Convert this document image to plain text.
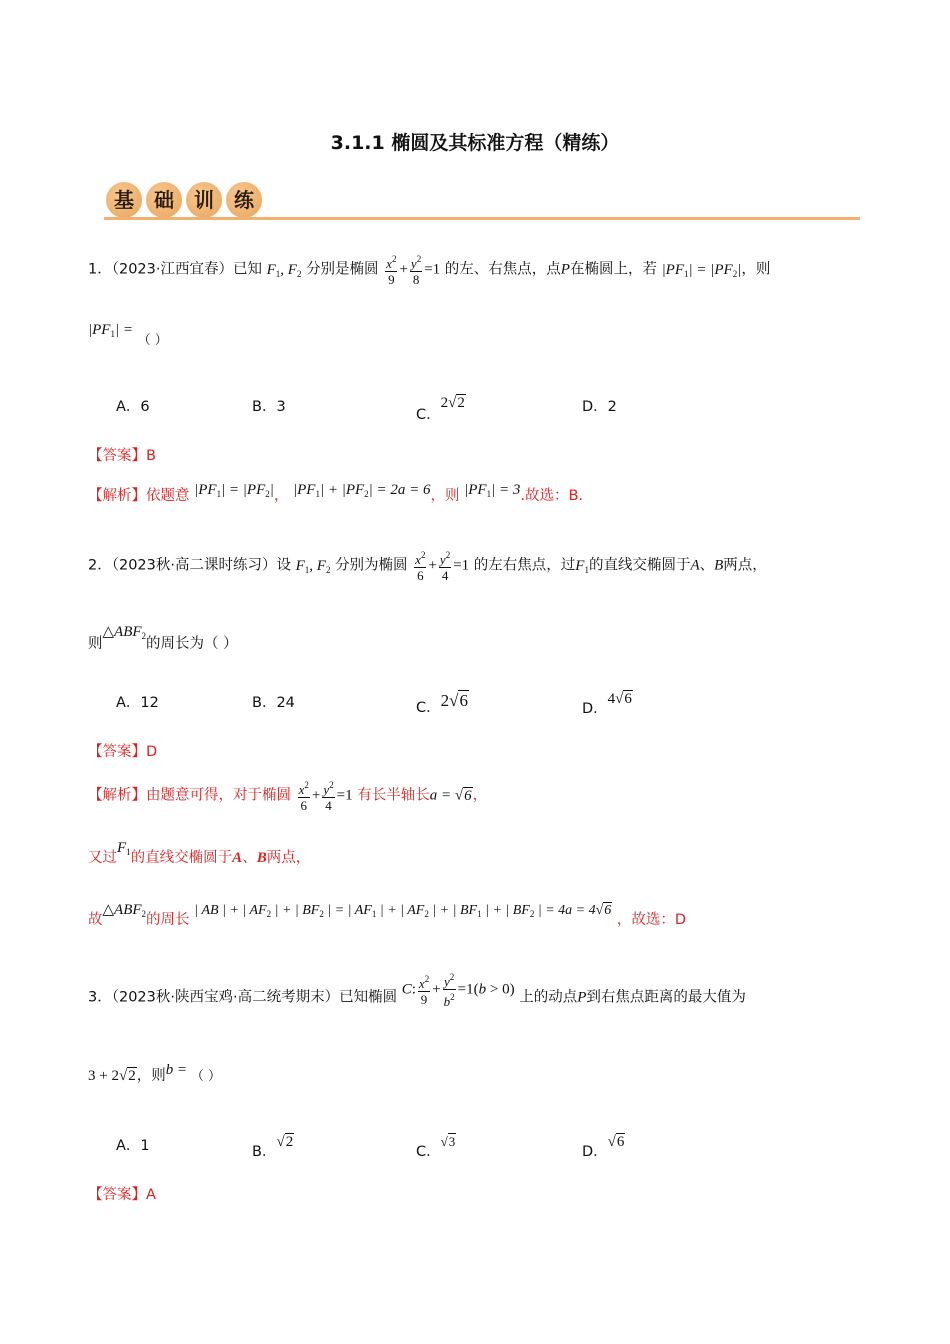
3.1.1 椭圆及其标准方程（精练）
基	础	训	练
1．（2023·江西宜春）已知 $F_1$, $F_2$ 分别是椭圆 $\frac{x^2}{9} + \frac{y^2}{8} =1$ 的左、右焦点，点P在椭圆上，若 $|PF_1| = |PF_2|$，则
$|PF_1|$ = （ ）
A．6	B．3	C．2√2	D．2
【答案】B
【解析】依题意 $|PF_1| = |PF_2|$， $|PF_1| + |PF_2| = 2a = 6$，则 $|PF_1| = 3$.故选：B.
2．（2023秋·高二课时练习）设 $F_1$, $F_2$ 分别为椭圆 $\frac{x^2}{6} + \frac{y^2}{4} =1$ 的左右焦点，过$F_1$的直线交椭圆于A、B两点，
则$\triangle ABF_2$的周长为（ ）
A．12	B．24	C．2√6	D．4√6
【答案】D
【解析】由题意可得，对于椭圆 $\frac{x^2}{6} + \frac{y^2}{4} =1$ 有长半轴长a = √6，
又过$F_1$的直线交椭圆于A、B两点，
故$\triangle ABF_2$的周长 | AB | + | $AF_2$ | + | $BF_2$ | = | $AF_1$ | + | $AF_2$ | + | $BF_1$ | + | $BF_2$ | = 4a = 4√6 ，故选：D
3．（2023秋·陕西宝鸡·高二统考期末）已知椭圆 C: $\frac{x^2}{9} + \frac{y^2}{b^2} =1(b > 0)$ 上的动点P到右焦点距离的最大值为
3 + 2√2，则b = （ ）
A．1	B．√2
C．√3
D．√6
【答案】A
